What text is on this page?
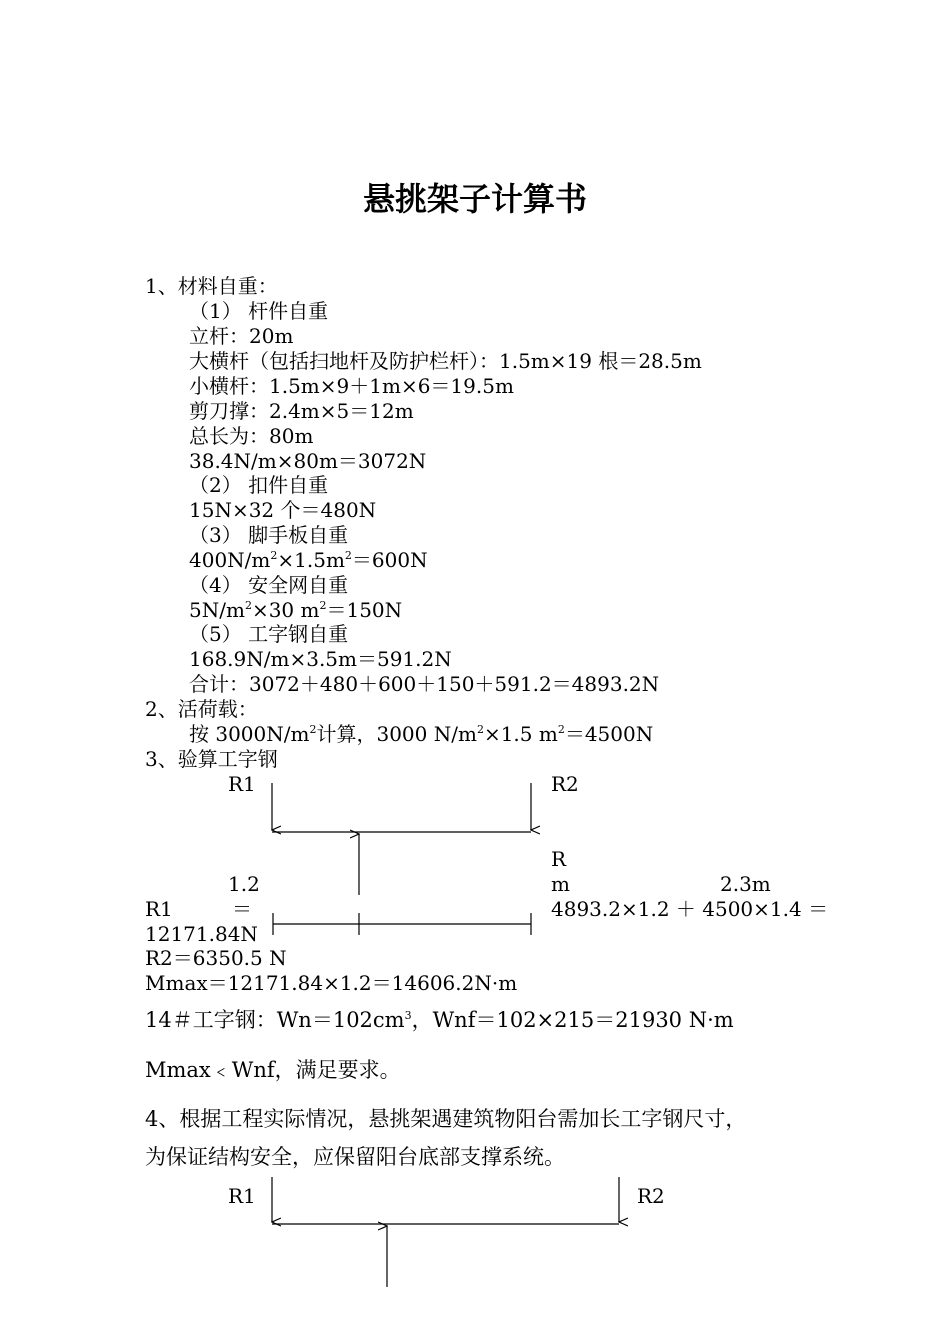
悬挑架子计算书
1、材料自重：
（1） 杆件自重
立杆：20m
大横杆（包括扫地杆及防护栏杆）：1.5m×19 根＝28.5m
小横杆：1.5m×9＋1m×6＝19.5m
剪刀撑：2.4m×5＝12m
总长为：80m
38.4N/m×80m＝3072N
（2） 扣件自重
15N×32 个＝480N
（3） 脚手板自重
$400N/m^2\times 1.5m^2=600N$
（4） 安全网自重
$5N/m^2\times 30$ $m^2=150N$
（5） 工字钢自重
168.9N/m×3.5m＝591.2N
合计：3072＋480＋600＋150＋591.2＝4893.2N
2、活荷载：
按 $3000N/m^2$计算，3000 $N/m^2\times 1.5$ $m^2=4500N$
3、验算工字钢
R1	R2
R
m
1.2	2.3m
R1	＝	4893.2×1.2 ＋ 4500×1.4 ＝
12171.84N
R2＝6350.5 N
Mmax＝12171.84×1.2＝14606.2N·m
14＃工字钢：$Wn=102cm^3$，Wnf＝102×215＝21930 N·m
Mmax﹤Wnf，满足要求。
4、根据工程实际情况，悬挑架遇建筑物阳台需加长工字钢尺寸，
为保证结构安全，应保留阳台底部支撑系统。
R1	R2
